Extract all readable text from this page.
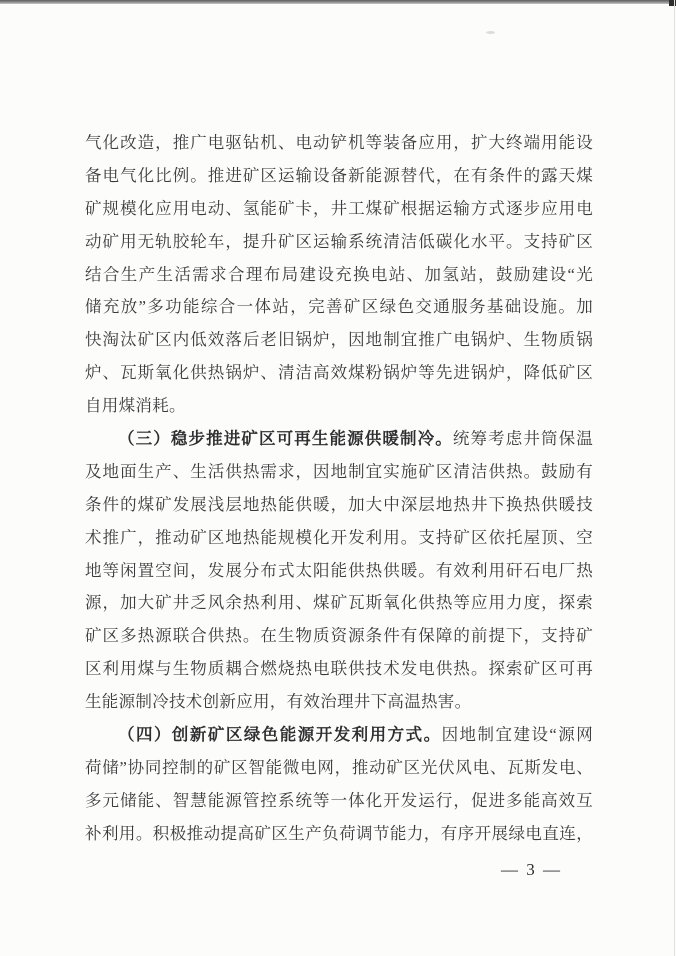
气化改造，推广电驱钻机、电动铲机等装备应用，扩大终端用能设
备电气化比例。推进矿区运输设备新能源替代，在有条件的露天煤
矿规模化应用电动、氢能矿卡，井工煤矿根据运输方式逐步应用电
动矿用无轨胶轮车，提升矿区运输系统清洁低碳化水平。支持矿区
结合生产生活需求合理布局建设充换电站、加氢站，鼓励建设“光
储充放”多功能综合一体站，完善矿区绿色交通服务基础设施。加
快淘汰矿区内低效落后老旧锅炉，因地制宜推广电锅炉、生物质锅
炉、瓦斯氧化供热锅炉、清洁高效煤粉锅炉等先进锅炉，降低矿区
自用煤消耗。
（三）稳步推进矿区可再生能源供暖制冷。统筹考虑井筒保温
及地面生产、生活供热需求，因地制宜实施矿区清洁供热。鼓励有
条件的煤矿发展浅层地热能供暖，加大中深层地热井下换热供暖技
术推广，推动矿区地热能规模化开发利用。支持矿区依托屋顶、空
地等闲置空间，发展分布式太阳能供热供暖。有效利用矸石电厂热
源，加大矿井乏风余热利用、煤矿瓦斯氧化供热等应用力度，探索
矿区多热源联合供热。在生物质资源条件有保障的前提下，支持矿
区利用煤与生物质耦合燃烧热电联供技术发电供热。探索矿区可再
生能源制冷技术创新应用，有效治理井下高温热害。
（四）创新矿区绿色能源开发利用方式。因地制宜建设“源网
荷储”协同控制的矿区智能微电网，推动矿区光伏风电、瓦斯发电、
多元储能、智慧能源管控系统等一体化开发运行，促进多能高效互
补利用。积极推动提高矿区生产负荷调节能力，有序开展绿电直连，
— 3 —
